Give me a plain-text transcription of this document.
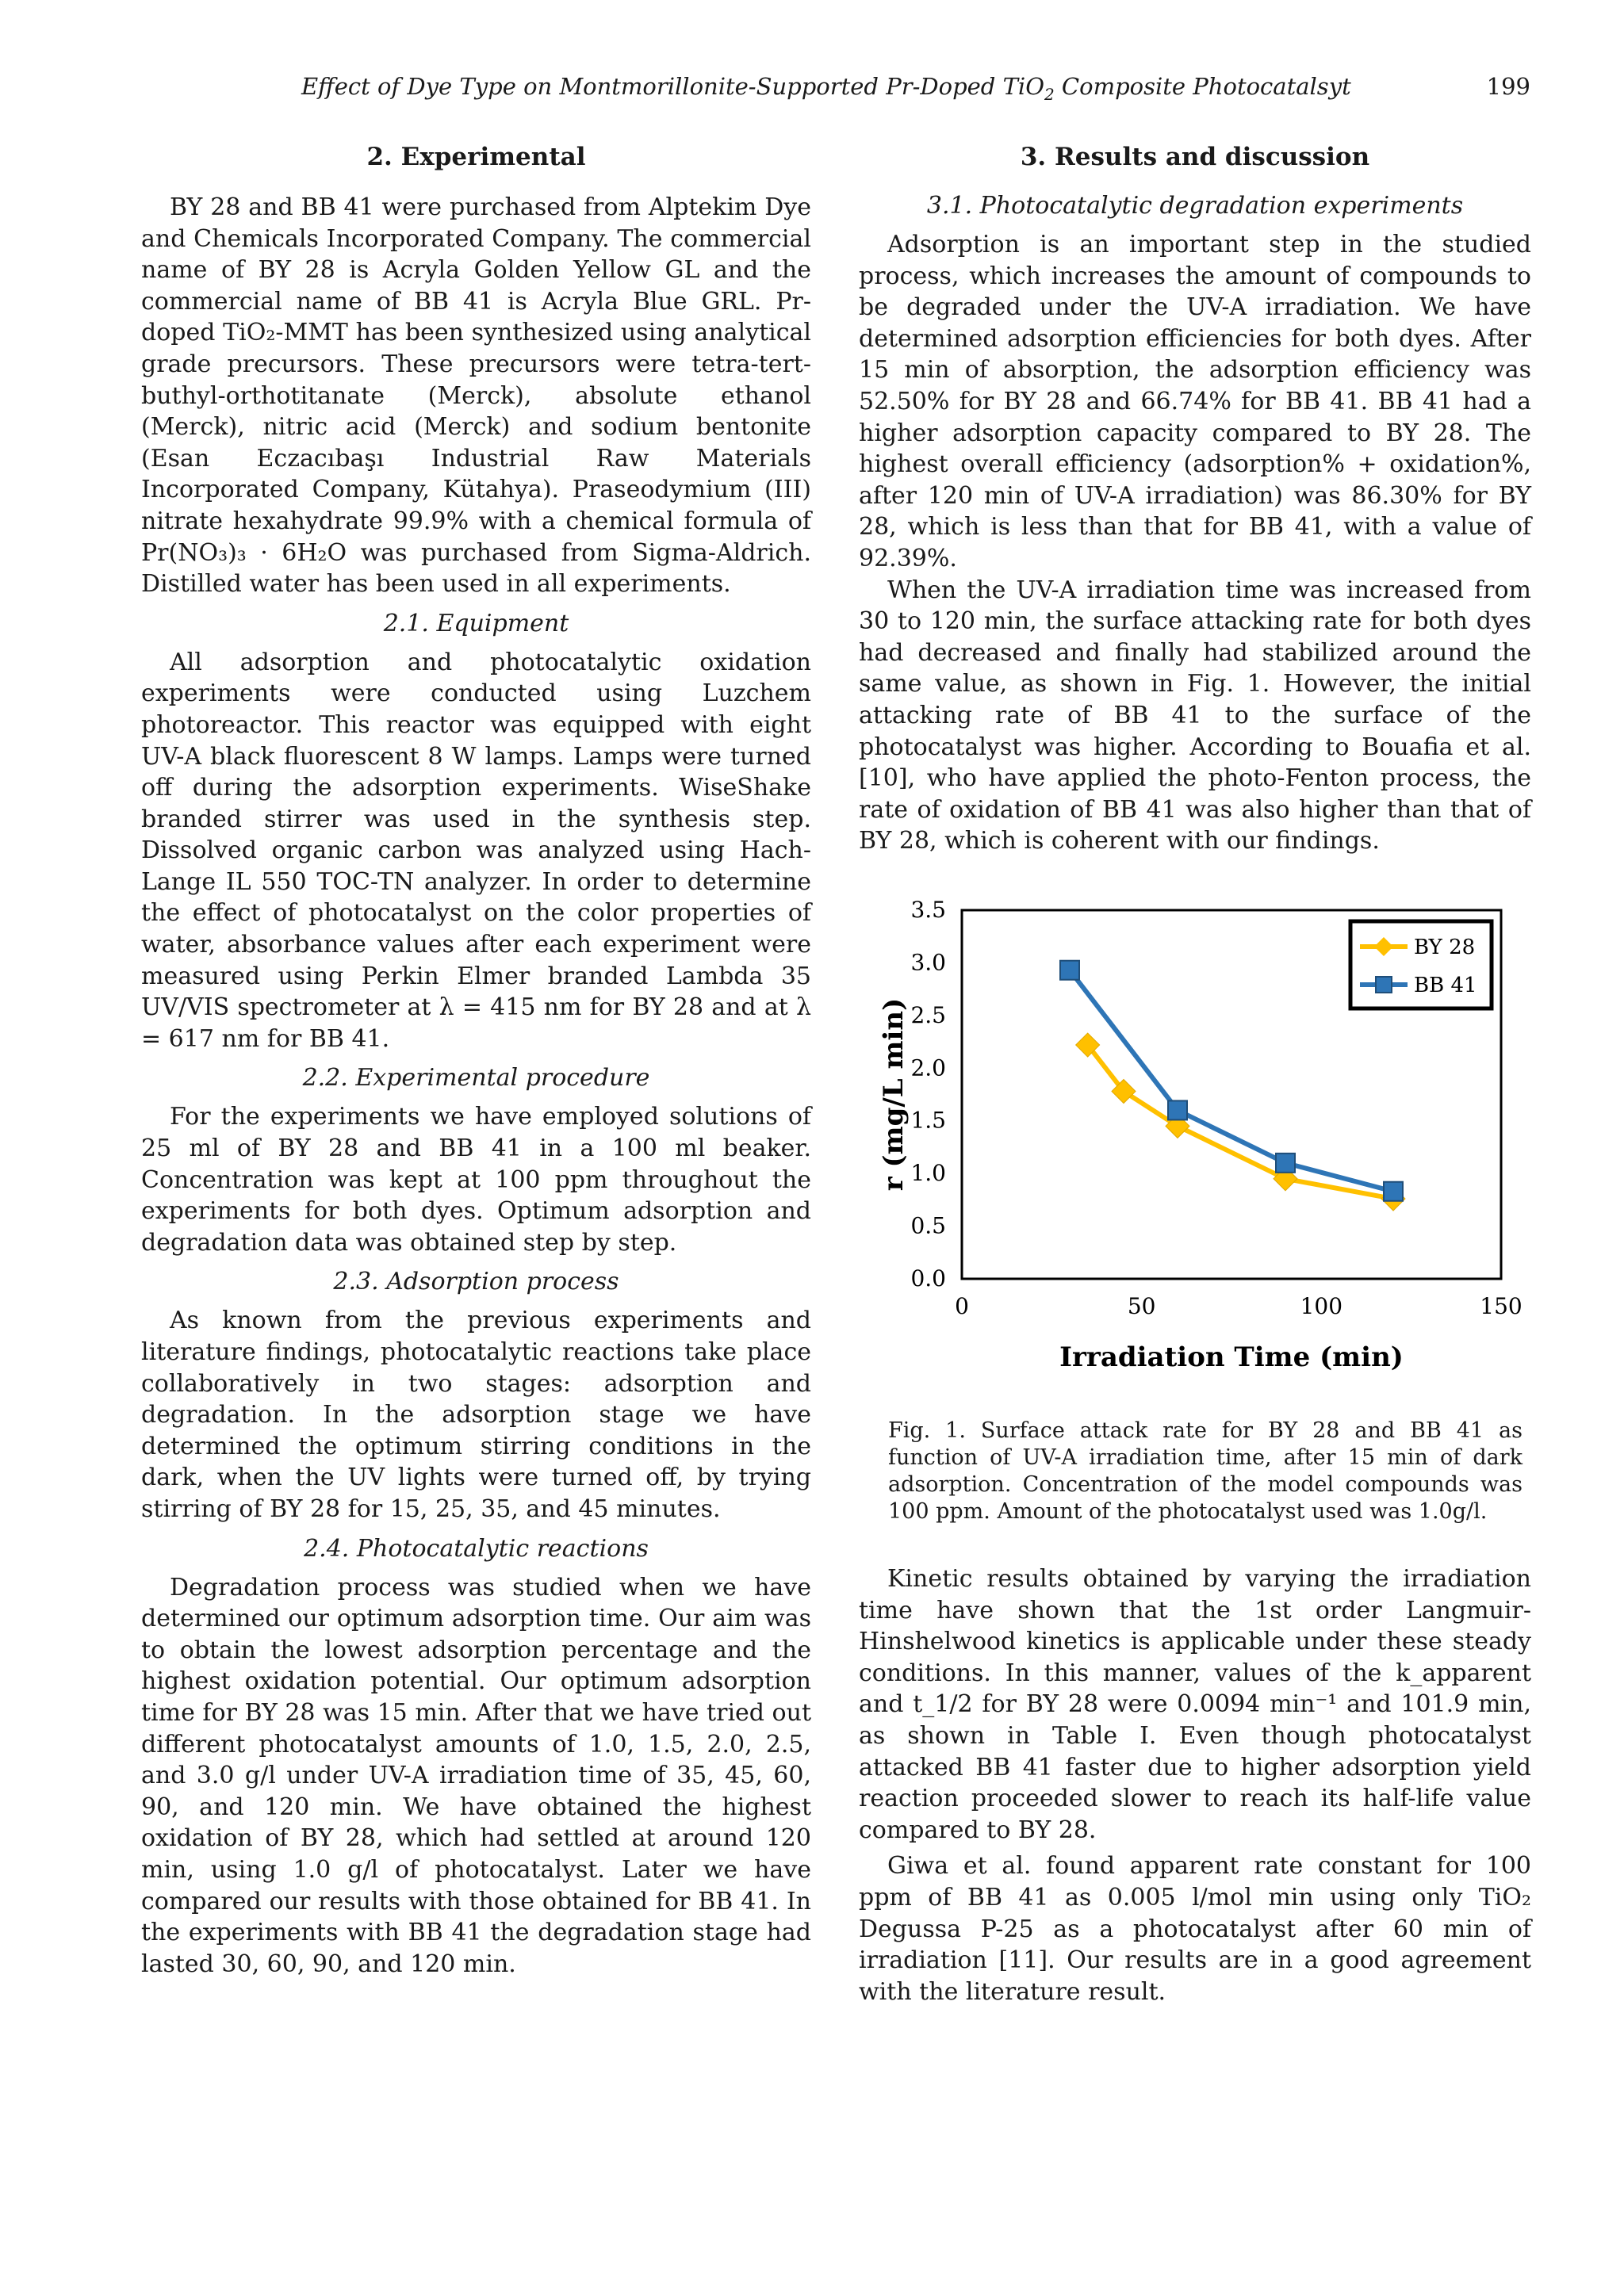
Effect of Dye Type on Montmorillonite-Supported Pr-Doped TiO$_2$ Composite Photocatalsyt	199
2. Experimental

BY 28 and BB 41 were purchased from Alptekim Dye and Chemicals Incorporated Company. The commercial name of BY 28 is Acryla Golden Yellow GL and the commercial name of BB 41 is Acryla Blue GRL. Pr-doped TiO₂-MMT has been synthesized using analytical grade precursors. These precursors were tetra-tert-buthyl-orthotitanate (Merck), absolute ethanol (Merck), nitric acid (Merck) and sodium bentonite (Esan Eczacıbaşı Industrial Raw Materials Incorporated Company, Kütahya). Praseodymium (III) nitrate hexahydrate 99.9% with a chemical formula of Pr(NO₃)₃ · 6H₂O was purchased from Sigma-Aldrich. Distilled water has been used in all experiments.

2.1. Equipment

All adsorption and photocatalytic oxidation experiments were conducted using Luzchem photoreactor. This reactor was equipped with eight UV-A black fluorescent 8 W lamps. Lamps were turned off during the adsorption experiments. WiseShake branded stirrer was used in the synthesis step. Dissolved organic carbon was analyzed using Hach-Lange IL 550 TOC-TN analyzer. In order to determine the effect of photocatalyst on the color properties of water, absorbance values after each experiment were measured using Perkin Elmer branded Lambda 35 UV/VIS spectrometer at λ = 415 nm for BY 28 and at λ = 617 nm for BB 41.

2.2. Experimental procedure

For the experiments we have employed solutions of 25 ml of BY 28 and BB 41 in a 100 ml beaker. Concentration was kept at 100 ppm throughout the experiments for both dyes. Optimum adsorption and degradation data was obtained step by step.

2.3. Adsorption process

As known from the previous experiments and literature findings, photocatalytic reactions take place collaboratively in two stages: adsorption and degradation. In the adsorption stage we have determined the optimum stirring conditions in the dark, when the UV lights were turned off, by trying stirring of BY 28 for 15, 25, 35, and 45 minutes.

2.4. Photocatalytic reactions

Degradation process was studied when we have determined our optimum adsorption time. Our aim was to obtain the lowest adsorption percentage and the highest oxidation potential. Our optimum adsorption time for BY 28 was 15 min. After that we have tried out different photocatalyst amounts of 1.0, 1.5, 2.0, 2.5, and 3.0 g/l under UV-A irradiation time of 35, 45, 60, 90, and 120 min. We have obtained the highest oxidation of BY 28, which had settled at around 120 min, using 1.0 g/l of photocatalyst. Later we have compared our results with those obtained for BB 41. In the experiments with BB 41 the degradation stage had lasted 30, 60, 90, and 120 min.

3. Results and discussion
3.1. Photocatalytic degradation experiments

Adsorption is an important step in the studied process, which increases the amount of compounds to be degraded under the UV-A irradiation. We have determined adsorption efficiencies for both dyes. After 15 min of absorption, the adsorption efficiency was 52.50% for BY 28 and 66.74% for BB 41. BB 41 had a higher adsorption capacity compared to BY 28. The highest overall efficiency (adsorption% + oxidation%, after 120 min of UV-A irradiation) was 86.30% for BY 28, which is less than that for BB 41, with a value of 92.39%.

When the UV-A irradiation time was increased from 30 to 120 min, the surface attacking rate for both dyes had decreased and finally had stabilized around the same value, as shown in Fig. 1. However, the initial attacking rate of BB 41 to the surface of the photocatalyst was higher. According to Bouafia et al. [10], who have applied the photo-Fenton process, the rate of oxidation of BB 41 was also higher than that of BY 28, which is coherent with our findings.

0.0
0.5
1.0
1.5
2.0
2.5
3.0
3.5
0	50	100	150
Irradiation Time (min)
r (mg/L min)
BY 28
BB 41
Fig. 1. Surface attack rate for BY 28 and BB 41 as function of UV-A irradiation time, after 15 min of dark adsorption. Concentration of the model compounds was 100 ppm. Amount of the photocatalyst used was 1.0g/l.

Kinetic results obtained by varying the irradiation time have shown that the 1st order Langmuir-Hinshelwood kinetics is applicable under these steady conditions. In this manner, values of the k_apparent and t_1/2 for BY 28 were 0.0094 min⁻¹ and 101.9 min, as shown in Table I. Even though photocatalyst attacked BB 41 faster due to higher adsorption yield reaction proceeded slower to reach its half-life value compared to BY 28.

Giwa et al. found apparent rate constant for 100 ppm of BB 41 as 0.005 l/mol min using only TiO₂ Degussa P-25 as a photocatalyst after 60 min of irradiation [11]. Our results are in a good agreement with the literature result.
